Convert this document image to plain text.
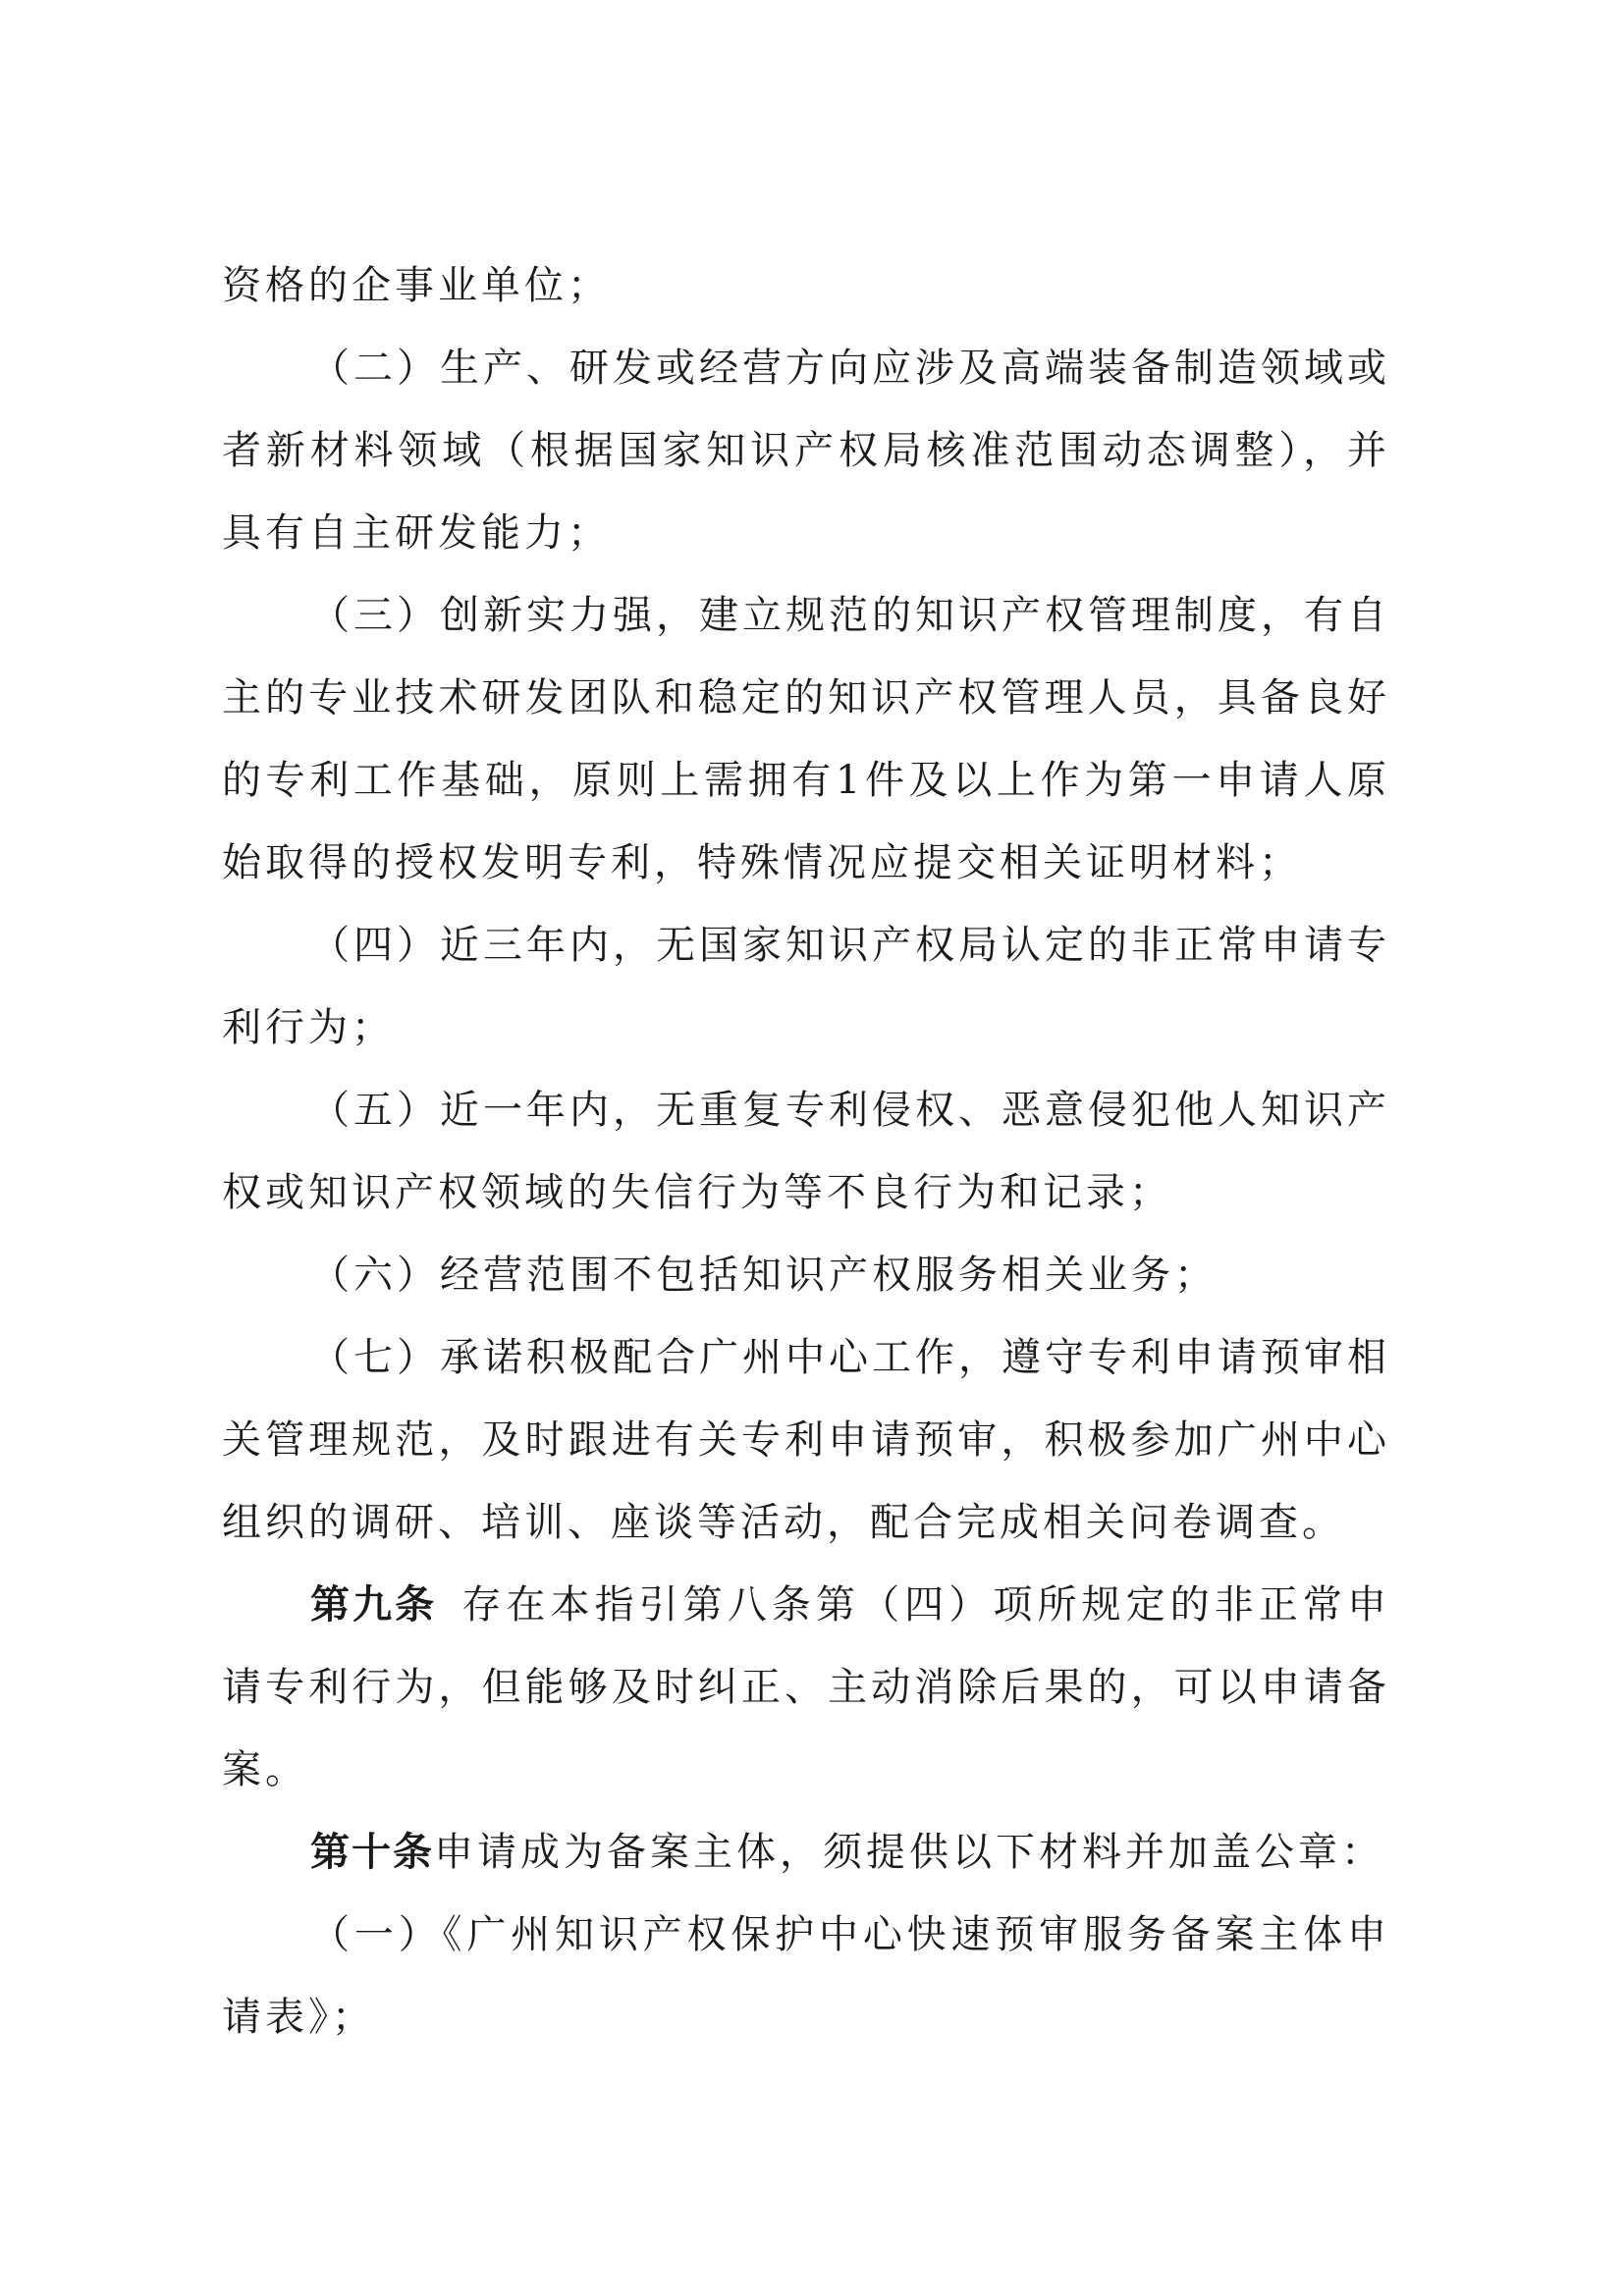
资格的企事业单位；

（二）生产、研发或经营方向应涉及高端装备制造领域或者新材料领域（根据国家知识产权局核准范围动态调整），并具有自主研发能力；

（三）创新实力强，建立规范的知识产权管理制度，有自主的专业技术研发团队和稳定的知识产权管理人员，具备良好的专利工作基础，原则上需拥有1件及以上作为第一申请人原始取得的授权发明专利，特殊情况应提交相关证明材料；

（四）近三年内，无国家知识产权局认定的非正常申请专利行为；

（五）近一年内，无重复专利侵权、恶意侵犯他人知识产权或知识产权领域的失信行为等不良行为和记录；

（六）经营范围不包括知识产权服务相关业务；

（七）承诺积极配合广州中心工作，遵守专利申请预审相关管理规范，及时跟进有关专利申请预审，积极参加广州中心组织的调研、培训、座谈等活动，配合完成相关问卷调查。

第九条  存在本指引第八条第（四）项所规定的非正常申请专利行为，但能够及时纠正、主动消除后果的，可以申请备案。

第十条申请成为备案主体，须提供以下材料并加盖公章：

（一）《广州知识产权保护中心快速预审服务备案主体申请表》；
